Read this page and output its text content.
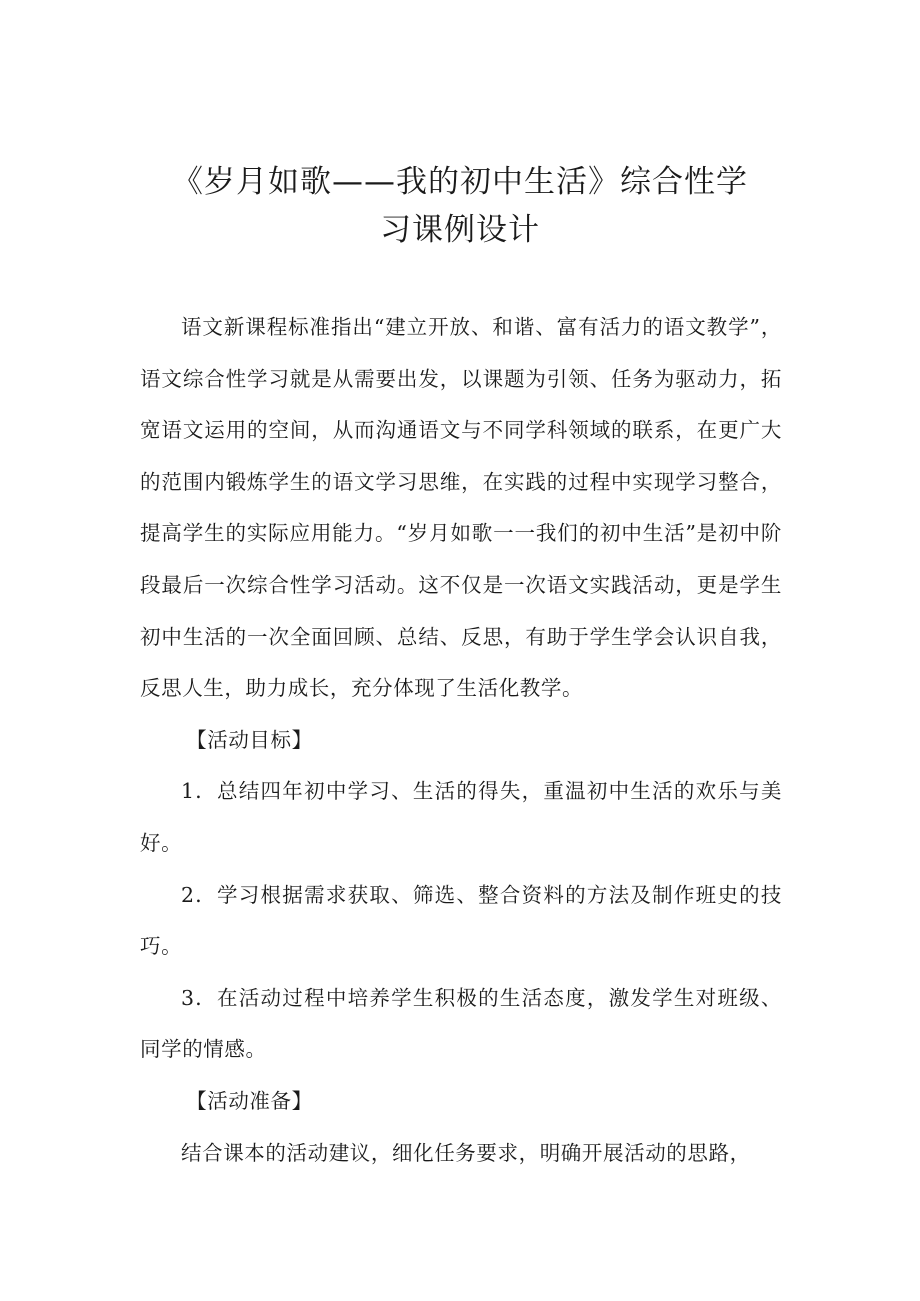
《岁月如歌——我的初中生活》综合性学
习课例设计

语文新课程标准指出“建立开放、和谐、富有活力的语文教学”，语文综合性学习就是从需要出发，以课题为引领、任务为驱动力，拓宽语文运用的空间，从而沟通语文与不同学科领域的联系，在更广大的范围内锻炼学生的语文学习思维，在实践的过程中实现学习整合，提高学生的实际应用能力。“岁月如歌一一我们的初中生活”是初中阶段最后一次综合性学习活动。这不仅是一次语文实践活动，更是学生初中生活的一次全面回顾、总结、反思，有助于学生学会认识自我，反思人生，助力成长，充分体现了生活化教学。

【活动目标】

1．总结四年初中学习、生活的得失，重温初中生活的欢乐与美好。

2．学习根据需求获取、筛选、整合资料的方法及制作班史的技巧。

3．在活动过程中培养学生积极的生活态度，激发学生对班级、同学的情感。

【活动准备】

结合课本的活动建议，细化任务要求，明确开展活动的思路，
